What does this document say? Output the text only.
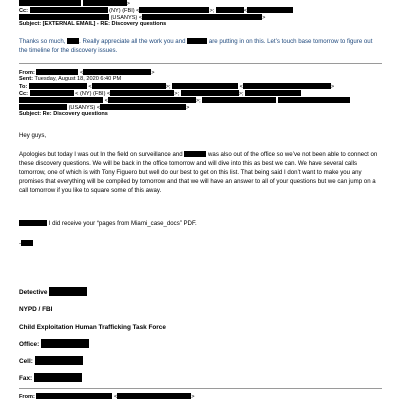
>
Cc:	(NY) (FBI) <	>;	<
(USANYS) <	>
Subject: [EXTERNAL EMAIL] - RE: Discovery questions
Thanks so much, . Really appreciate all the work you and	are putting in on this. Let’s touch base tomorrow to figure out the timeline for the discovery issues.
From:	<	>
Sent: Tuesday, August 18, 2020 6:40 PM
To:	<	>;	<	>
Cc:	< (NY) (FBI) <	>;	>;
<	>;
(USANYS) <	>
Subject: Re: Discovery questions
Hey guys,
Apologies but today I was out In the field on surveillance and	was also out of the office so we’ve not been able to connect on these discovery questions. We will be back in the office tomorrow and will dive into this as best we can. We have several calls tomorrow, one of which is with Tony Figuero but well do our best to get on this list. That being said I don’t want to make you any promises that everything will be compiled by tomorrow and that we will have an answer to all of your questions but we can jump on a call tomorrow if you like to square some of this away.
I did receive your “pages from Miami_case_docs” PDF.
-
Detective
NYPD / FBI
Child Exploitation Human Trafficking Task Force
Office:
Cell:
Fax:
From:	<	>
